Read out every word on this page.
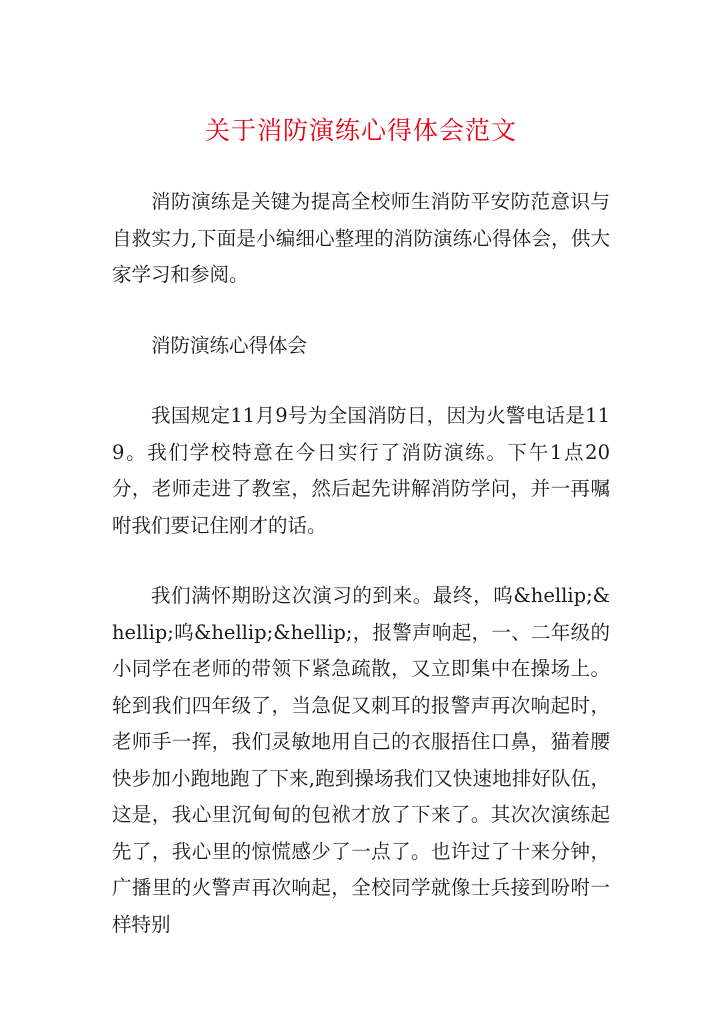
关于消防演练心得体会范文

消防演练是关键为提高全校师生消防平安防范意识与自救实力,下面是小编细心整理的消防演练心得体会，供大家学习和参阅。

消防演练心得体会

我国规定11月9号为全国消防日，因为火警电话是119。我们学校特意在今日实行了消防演练。下午1点20分，老师走进了教室，然后起先讲解消防学问，并一再嘱咐我们要记住刚才的话。

我们满怀期盼这次演习的到来。最终，呜&hellip;&hellip;呜&hellip;&hellip;，报警声响起，一、二年级的小同学在老师的带领下紧急疏散，又立即集中在操场上。轮到我们四年级了，当急促又刺耳的报警声再次响起时，老师手一挥，我们灵敏地用自己的衣服捂住口鼻，猫着腰快步加小跑地跑了下来,跑到操场我们又快速地排好队伍，这是，我心里沉甸甸的包袱才放了下来了。其次次演练起先了，我心里的惊慌感少了一点了。也许过了十来分钟，广播里的火警声再次响起，全校同学就像士兵接到吩咐一样特别
